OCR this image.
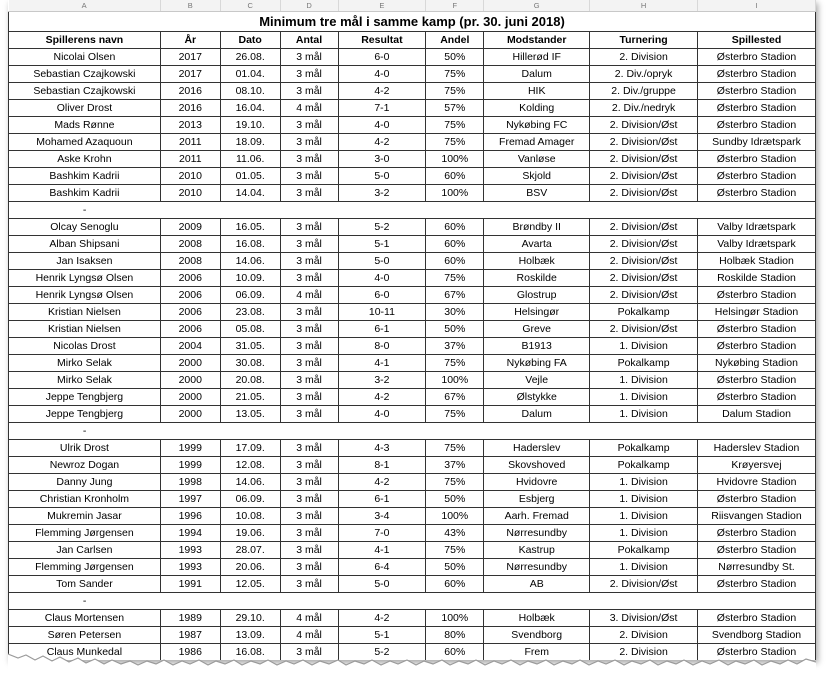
A	B	C	D	E	F	G	H	I
Minimum tre mål i samme kamp (pr. 30. juni 2018)								
Spillerens navn	År	Dato	Antal	Resultat	Andel	Modstander	Turnering	Spillested
Nicolai Olsen	2017	26.08.	3 mål	6-0	50%	Hillerød IF	2. Division	Østerbro Stadion
Sebastian Czajkowski	2017	01.04.	3 mål	4-0	75%	Dalum	2. Div./opryk	Østerbro Stadion
Sebastian Czajkowski	2016	08.10.	3 mål	4-2	75%	HIK	2. Div./gruppe	Østerbro Stadion
Oliver Drost	2016	16.04.	4 mål	7-1	57%	Kolding	2. Div./nedryk	Østerbro Stadion
Mads Rønne	2013	19.10.	3 mål	4-0	75%	Nykøbing FC	2. Division/Øst	Østerbro Stadion
Mohamed Azaquoun	2011	18.09.	3 mål	4-2	75%	Fremad Amager	2. Division/Øst	Sundby Idrætspark
Aske Krohn	2011	11.06.	3 mål	3-0	100%	Vanløse	2. Division/Øst	Østerbro Stadion
Bashkim Kadrii	2010	01.05.	3 mål	5-0	60%	Skjold	2. Division/Øst	Østerbro Stadion
Bashkim Kadrii	2010	14.04.	3 mål	3-2	100%	BSV	2. Division/Øst	Østerbro Stadion
-								
Olcay Senoglu	2009	16.05.	3 mål	5-2	60%	Brøndby II	2. Division/Øst	Valby Idrætspark
Alban Shipsani	2008	16.08.	3 mål	5-1	60%	Avarta	2. Division/Øst	Valby Idrætspark
Jan Isaksen	2008	14.06.	3 mål	5-0	60%	Holbæk	2. Division/Øst	Holbæk Stadion
Henrik Lyngsø Olsen	2006	10.09.	3 mål	4-0	75%	Roskilde	2. Division/Øst	Roskilde Stadion
Henrik Lyngsø Olsen	2006	06.09.	4 mål	6-0	67%	Glostrup	2. Division/Øst	Østerbro Stadion
Kristian Nielsen	2006	23.08.	3 mål	10-11	30%	Helsingør	Pokalkamp	Helsingør Stadion
Kristian Nielsen	2006	05.08.	3 mål	6-1	50%	Greve	2. Division/Øst	Østerbro Stadion
Nicolas Drost	2004	31.05.	3 mål	8-0	37%	B1913	1. Division	Østerbro Stadion
Mirko Selak	2000	30.08.	3 mål	4-1	75%	Nykøbing FA	Pokalkamp	Nykøbing Stadion
Mirko Selak	2000	20.08.	3 mål	3-2	100%	Vejle	1. Division	Østerbro Stadion
Jeppe Tengbjerg	2000	21.05.	3 mål	4-2	67%	Ølstykke	1. Division	Østerbro Stadion
Jeppe Tengbjerg	2000	13.05.	3 mål	4-0	75%	Dalum	1. Division	Dalum Stadion
-								
Ulrik Drost	1999	17.09.	3 mål	4-3	75%	Haderslev	Pokalkamp	Haderslev Stadion
Newroz Dogan	1999	12.08.	3 mål	8-1	37%	Skovshoved	Pokalkamp	Krøyersvej
Danny Jung	1998	14.06.	3 mål	4-2	75%	Hvidovre	1. Division	Hvidovre Stadion
Christian Kronholm	1997	06.09.	3 mål	6-1	50%	Esbjerg	1. Division	Østerbro Stadion
Mukremin Jasar	1996	10.08.	3 mål	3-4	100%	Aarh. Fremad	1. Division	Riisvangen Stadion
Flemming Jørgensen	1994	19.06.	3 mål	7-0	43%	Nørresundby	1. Division	Østerbro Stadion
Jan Carlsen	1993	28.07.	3 mål	4-1	75%	Kastrup	Pokalkamp	Østerbro Stadion
Flemming Jørgensen	1993	20.06.	3 mål	6-4	50%	Nørresundby	1. Division	Nørresundby St.
Tom Sander	1991	12.05.	3 mål	5-0	60%	AB	2. Division/Øst	Østerbro Stadion
-								
Claus Mortensen	1989	29.10.	4 mål	4-2	100%	Holbæk	3. Division/Øst	Østerbro Stadion
Søren Petersen	1987	13.09.	4 mål	5-1	80%	Svendborg	2. Division	Svendborg Stadion
Claus Munkedal	1986	16.08.	3 mål	5-2	60%	Frem	2. Division	Østerbro Stadion
